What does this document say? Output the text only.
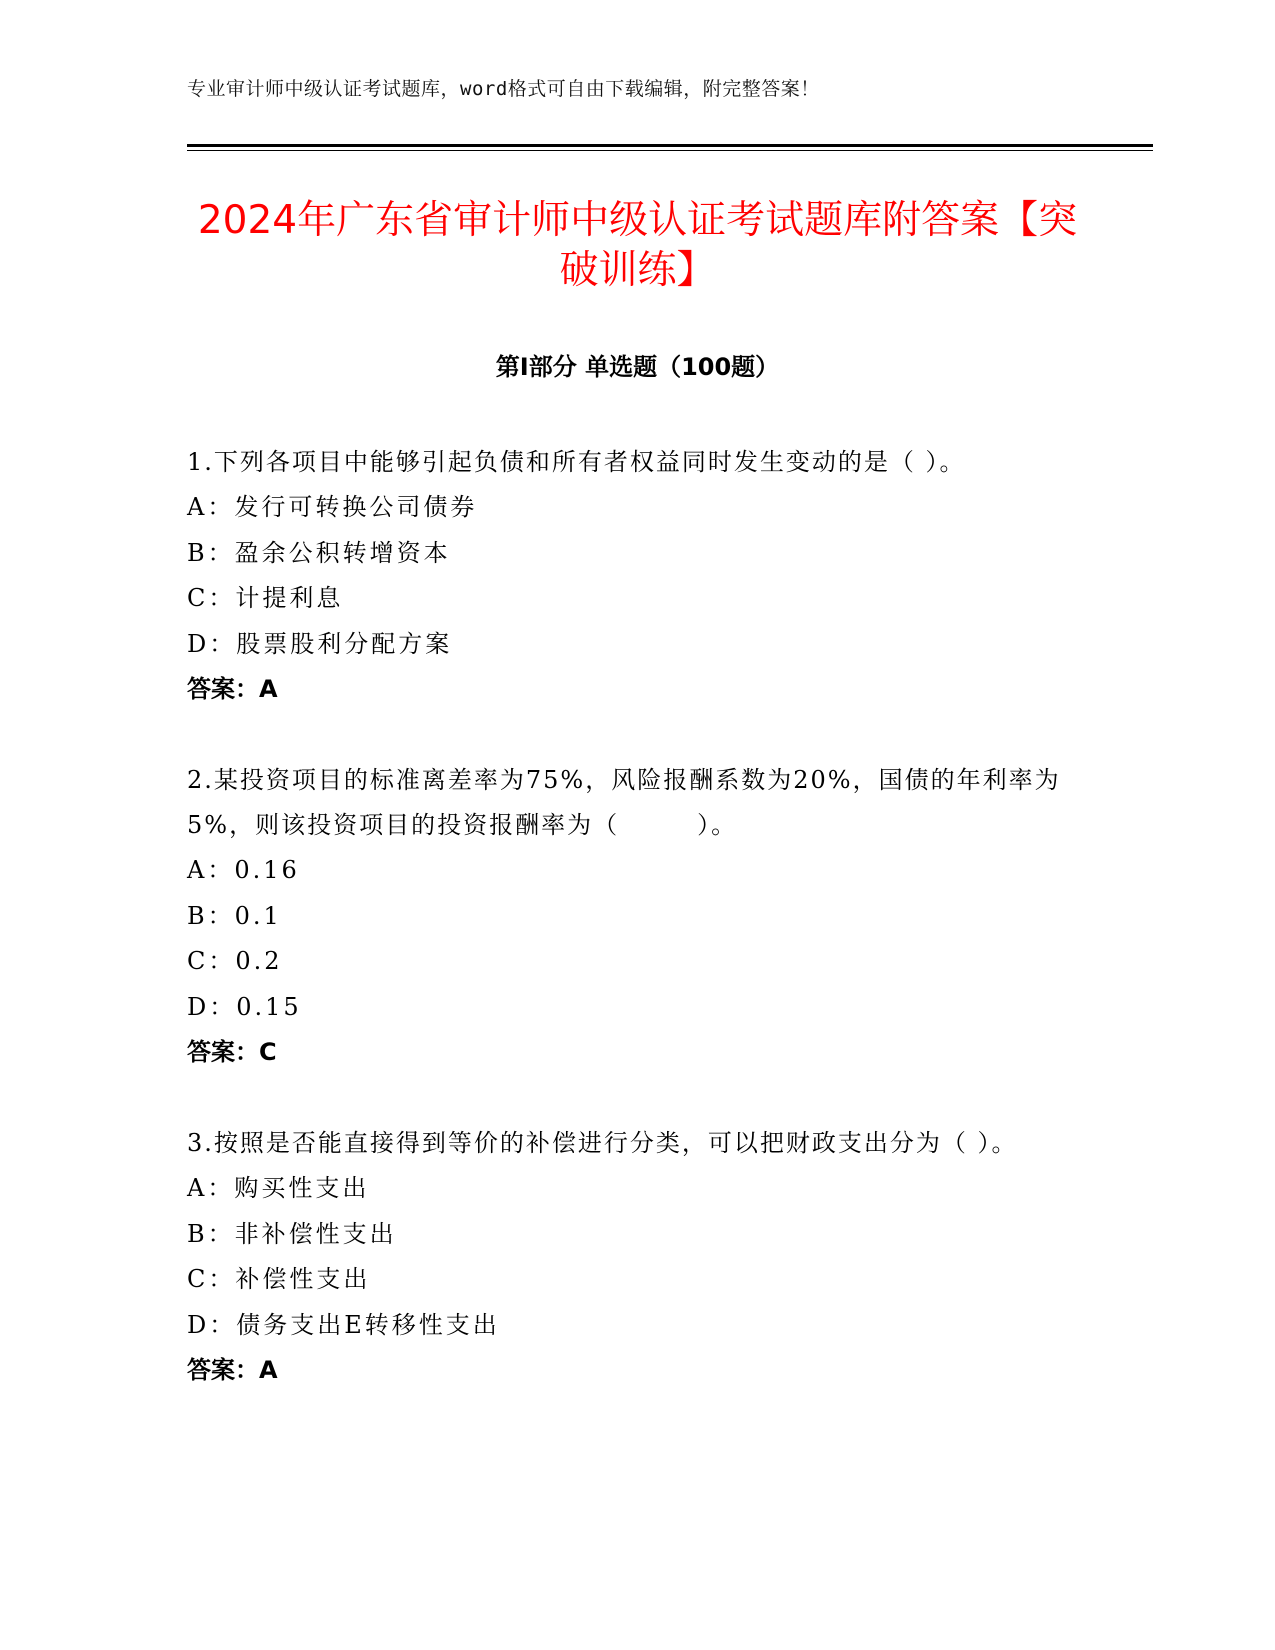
专业审计师中级认证考试题库，word格式可自由下载编辑，附完整答案！
2024年广东省审计师中级认证考试题库附答案【突破训练】
第Ⅰ部分 单选题（100题）

1.下列各项目中能够引起负债和所有者权益同时发生变动的是（ ）。

A：发行可转换公司债券

B：盈余公积转增资本

C：计提利息

D：股票股利分配方案

答案：A

2.某投资项目的标准离差率为75%，风险报酬系数为20%，国债的年利率为5%，则该投资项目的投资报酬率为（　　　）。

A：0.16

B：0.1

C：0.2

D：0.15

答案：C

3.按照是否能直接得到等价的补偿进行分类，可以把财政支出分为（ ）。

A：购买性支出

B：非补偿性支出

C：补偿性支出

D：债务支出E转移性支出

答案：A
